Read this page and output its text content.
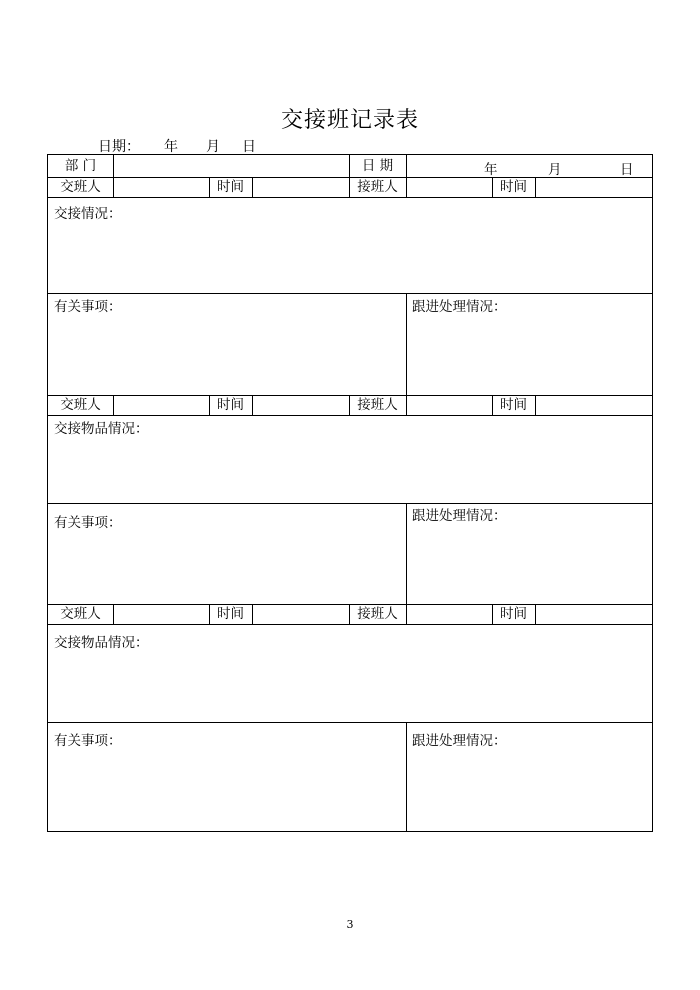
交接班记录表
日期： 年 月 日
部 门	日 期	年	月	日
交班人	时间	接班人	时间
交接情况：
有关事项：	跟进处理情况：
交班人	时间	接班人	时间
交接物品情况：
有关事项：	跟进处理情况：
交班人	时间	接班人	时间
交接物品情况：
有关事项：	跟进处理情况：
3
